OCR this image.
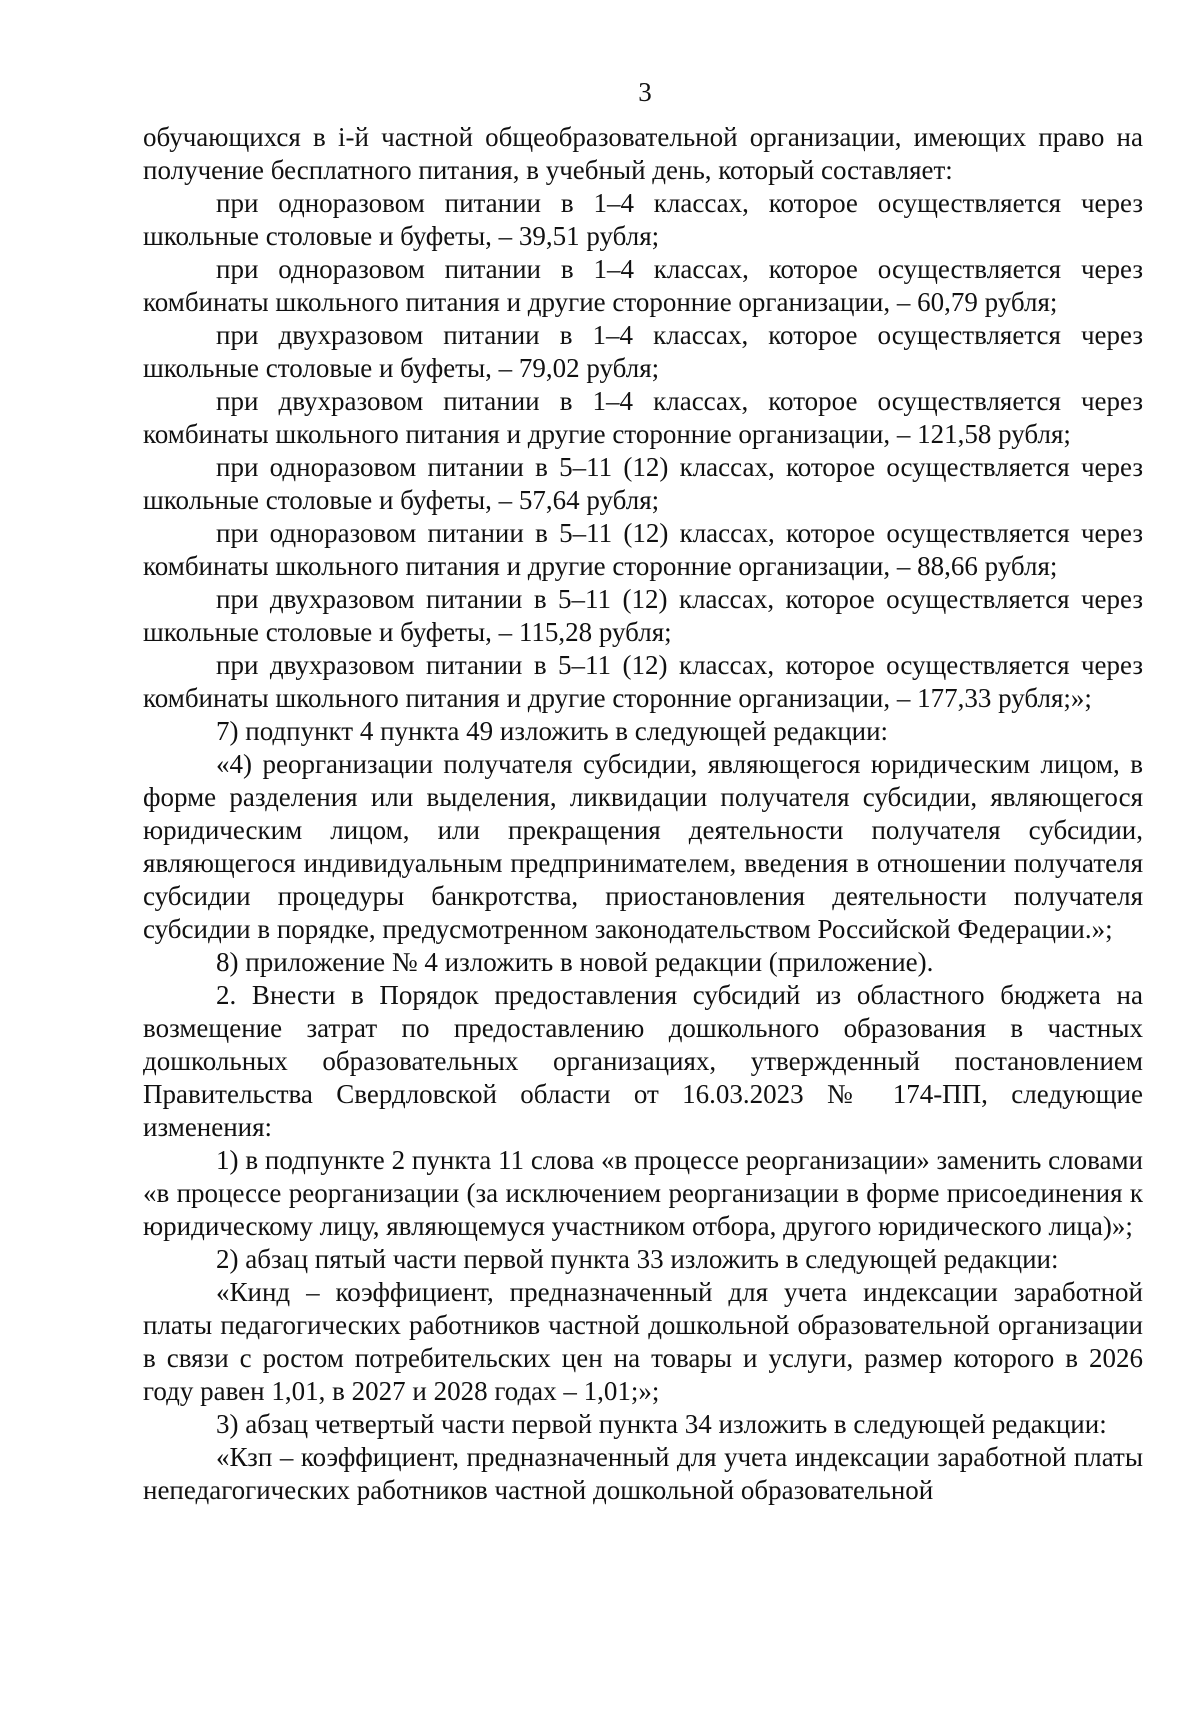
3

обучающихся в i-й частной общеобразовательной организации, имеющих право на получение бесплатного питания, в учебный день, который составляет:

при одноразовом питании в 1–4 классах, которое осуществляется через школьные столовые и буфеты, – 39,51 рубля;

при одноразовом питании в 1–4 классах, которое осуществляется через комбинаты школьного питания и другие сторонние организации, – 60,79 рубля;

при двухразовом питании в 1–4 классах, которое осуществляется через школьные столовые и буфеты, – 79,02 рубля;

при двухразовом питании в 1–4 классах, которое осуществляется через комбинаты школьного питания и другие сторонние организации, – 121,58 рубля;

при одноразовом питании в 5–11 (12) классах, которое осуществляется через школьные столовые и буфеты, – 57,64 рубля;

при одноразовом питании в 5–11 (12) классах, которое осуществляется через комбинаты школьного питания и другие сторонние организации, – 88,66 рубля;

при двухразовом питании в 5–11 (12) классах, которое осуществляется через школьные столовые и буфеты, – 115,28 рубля;

при двухразовом питании в 5–11 (12) классах, которое осуществляется через комбинаты школьного питания и другие сторонние организации, – 177,33 рубля;»;

7) подпункт 4 пункта 49 изложить в следующей редакции:

«4) реорганизации получателя субсидии, являющегося юридическим лицом, в форме разделения или выделения, ликвидации получателя субсидии, являющегося юридическим лицом, или прекращения деятельности получателя субсидии, являющегося индивидуальным предпринимателем, введения в отношении получателя субсидии процедуры банкротства, приостановления деятельности получателя субсидии в порядке, предусмотренном законодательством Российской Федерации.»;

8) приложение № 4 изложить в новой редакции (приложение).

2. Внести в Порядок предоставления субсидий из областного бюджета на возмещение затрат по предоставлению дошкольного образования в частных дошкольных образовательных организациях, утвержденный постановлением Правительства Свердловской области от 16.03.2023 № 174-ПП, следующие изменения:

1) в подпункте 2 пункта 11 слова «в процессе реорганизации» заменить словами «в процессе реорганизации (за исключением реорганизации в форме присоединения к юридическому лицу, являющемуся участником отбора, другого юридического лица)»;

2) абзац пятый части первой пункта 33 изложить в следующей редакции:

«Кинд – коэффициент, предназначенный для учета индексации заработной платы педагогических работников частной дошкольной образовательной организации в связи с ростом потребительских цен на товары и услуги, размер которого в 2026 году равен 1,01, в 2027 и 2028 годах – 1,01;»;

3) абзац четвертый части первой пункта 34 изложить в следующей редакции:

«Кзп – коэффициент, предназначенный для учета индексации заработной платы непедагогических работников частной дошкольной образовательной
